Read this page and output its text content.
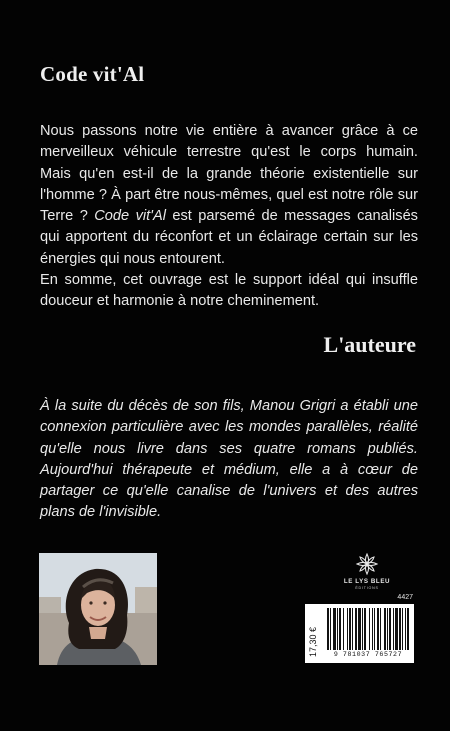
Code vit'Al

Nous passons notre vie entière à avancer grâce à ce merveilleux véhicule terrestre qu'est le corps humain. Mais qu'en est-il de la grande théorie existentielle sur l'homme ? À part être nous-mêmes, quel est notre rôle sur Terre ? Code vit'Al est parsemé de messages canalisés qui apportent du réconfort et un éclairage certain sur les énergies qui nous entourent.

En somme, cet ouvrage est le support idéal qui insuffle douceur et harmonie à notre cheminement.

L'auteure

À la suite du décès de son fils, Manou Grigri a établi une connexion particulière avec les mondes parallèles, réalité qu'elle nous livre dans ses quatre romans publiés. Aujourd'hui thérapeute et médium, elle a à cœur de partager ce qu'elle canalise de l'univers et des autres plans de l'invisible.

LE LYS BLEU
ÉDITIONS
4427
17,30 €	9 781037 765727
